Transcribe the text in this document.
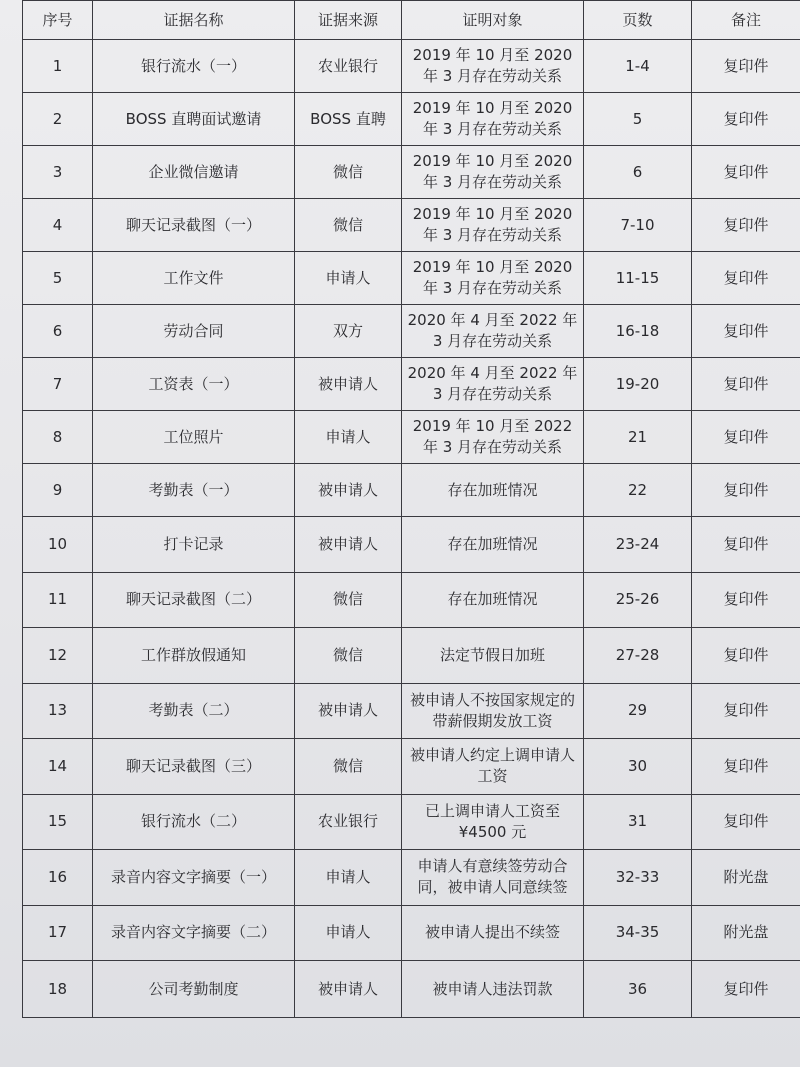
序号	证据名称	证据来源	证明对象	页数	备注
1	银行流水（一）	农业银行	2019 年 10 月至 2020 年 3 月存在劳动关系	1-4	复印件
2	BOSS 直聘面试邀请	BOSS 直聘	2019 年 10 月至 2020 年 3 月存在劳动关系	5	复印件
3	企业微信邀请	微信	2019 年 10 月至 2020 年 3 月存在劳动关系	6	复印件
4	聊天记录截图（一）	微信	2019 年 10 月至 2020 年 3 月存在劳动关系	7-10	复印件
5	工作文件	申请人	2019 年 10 月至 2020 年 3 月存在劳动关系	11-15	复印件
6	劳动合同	双方	2020 年 4 月至 2022 年 3 月存在劳动关系	16-18	复印件
7	工资表（一）	被申请人	2020 年 4 月至 2022 年 3 月存在劳动关系	19-20	复印件
8	工位照片	申请人	2019 年 10 月至 2022 年 3 月存在劳动关系	21	复印件
9	考勤表（一）	被申请人	存在加班情况	22	复印件
10	打卡记录	被申请人	存在加班情况	23-24	复印件
11	聊天记录截图（二）	微信	存在加班情况	25-26	复印件
12	工作群放假通知	微信	法定节假日加班	27-28	复印件
13	考勤表（二）	被申请人	被申请人不按国家规定的带薪假期发放工资	29	复印件
14	聊天记录截图（三）	微信	被申请人约定上调申请人工资	30	复印件
15	银行流水（二）	农业银行	已上调申请人工资至¥4500 元	31	复印件
16	录音内容文字摘要（一）	申请人	申请人有意续签劳动合同，被申请人同意续签	32-33	附光盘
17	录音内容文字摘要（二）	申请人	被申请人提出不续签	34-35	附光盘
18	公司考勤制度	被申请人	被申请人违法罚款	36	复印件
